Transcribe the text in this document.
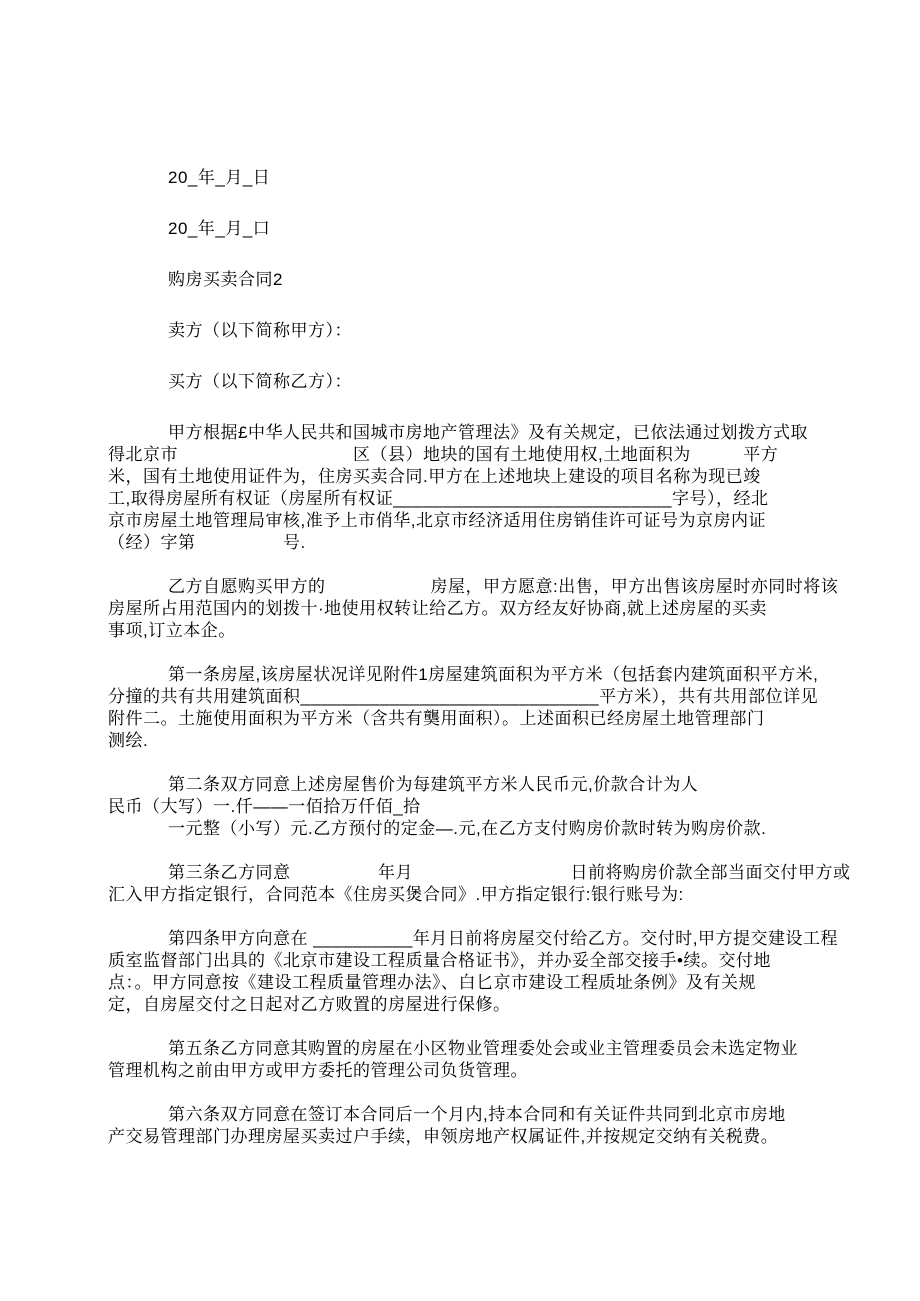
20_年_月_日
20_年_月_口
购房买卖合同2
卖方（以下简称甲方）：
买方（以下简称乙方）：
甲方根据£中华人民共和国城市房地产管理法》及有关规定，已依法通过划拨方式取
得北京市　　　　　　　　　　区（县）地块的国有土地使用权,土地面积为　　　平方
米，国有土地使用证件为，住房买卖合同.甲方在上述地块上建设的项目名称为现已竣
工,取得房屋所有权证（房屋所有权证____________________________字号），经北
京市房屋土地管理局审核,准予上市俏华,北京市经济适用住房销佳许可证号为京房内证
（经）字第　　　　　号.
乙方自愿购买甲方的　　　　　　房屋，甲方愿意:出售，甲方出售该房屋时亦同时将该
房屋所占用范国内的划拨十·地使用权转让给乙方。双方经友好协商,就上述房屋的买卖
事项,订立本企。
第一条房屋,该房屋状况详见附件1房屋建筑面积为平方米（包括套内建筑面积平方米,
分撞的共有共用建筑面积______________________________平方米），共有共用部位详见
附件二。土施使用面积为平方米（含共有龑用面积）。上述面积已经房屋土地管理部门
测绘.
第二条双方同意上述房屋售价为每建筑平方米人民币元,价款合计为人
民币（大写）一.仟——一佰拾万仟佰_拾
一元整（小写）元.乙方预付的定金—.元,在乙方支付购房价款时转为购房价款.
第三条乙方同意　　　　　年月　　　　　　　　　日前将购房价款全部当面交付甲方或
汇入甲方指定银行，合同范本《住房买煲合同》.甲方指定银行:银行账号为:
第四条甲方向意在 __________年月日前将房屋交付给乙方。交付时,甲方提交建设工程
质室监督部门出具的《北京市建设工程质量合格证书》，并办妥全部交接手•续。交付地
点：。甲方同意按《建设工程质量管理办法》、白匕京市建设工程质址条例》及有关规
定，自房屋交付之日起对乙方败置的房屋进行保修。
第五条乙方同意其购置的房屋在小区物业管理委处会或业主管理委员会未选定物业
管理机构之前由甲方或甲方委托的管理公司负货管理。
第六条双方同意在签订本合同后一个月内,持本合同和有关证件共同到北京市房地
产交易管理部门办理房屋买卖过户手续，申领房地产权属证件,并按规定交纳有关税费。
